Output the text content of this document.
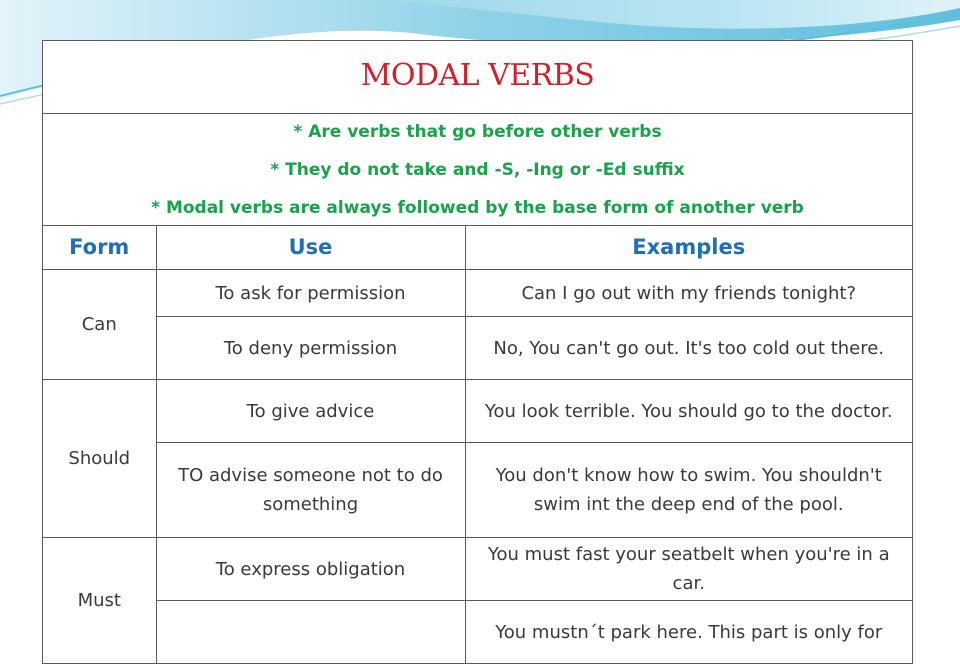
MODAL VERBS
* Are verbs that go before other verbs
* They do not take and -S, -Ing or -Ed suffix
* Modal verbs are always followed by the base form of another verb
Form	Use	Examples
Can	To ask for permission	Can I go out with my friends tonight?
	To deny permission	No, You can't go out. It's too cold out there.
Should	To give advice	You look terrible. You should go to the doctor.
	TO advise someone not to do something	You don't know how to swim. You shouldn't swim int the deep end of the pool.
Must	To express obligation	You must fast your seatbelt when you're in a car.
		You mustn´t park here. This part is only for
